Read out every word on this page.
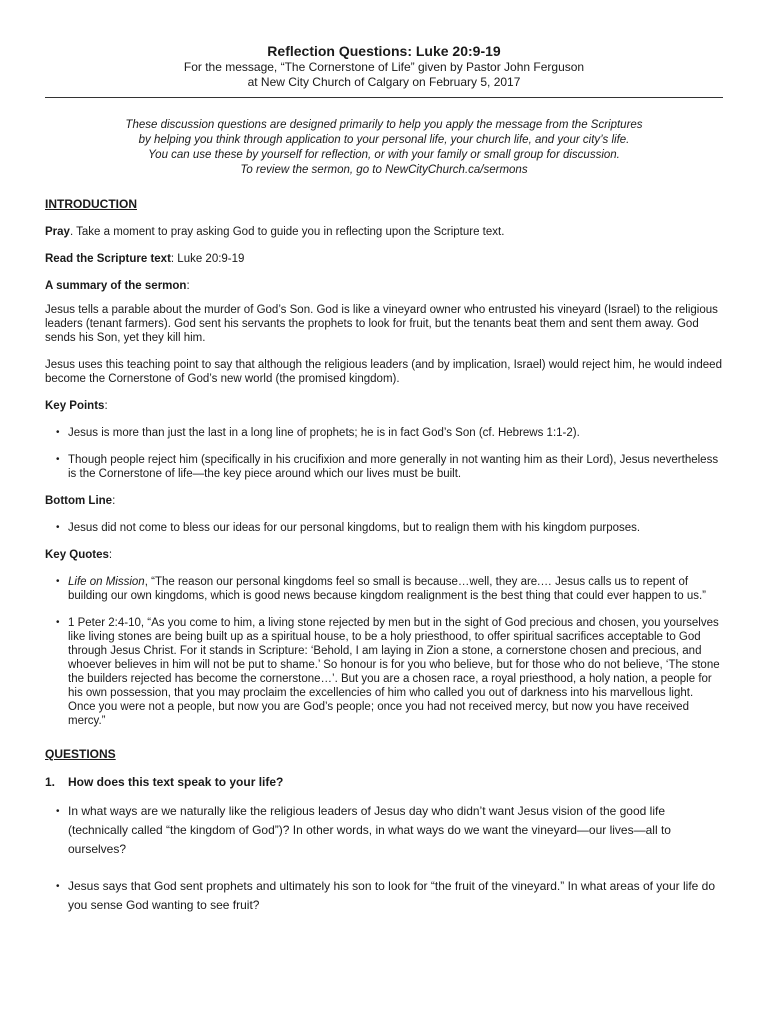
Reflection Questions: Luke 20:9-19

For the message, “The Cornerstone of Life” given by Pastor John Ferguson

at New City Church of Calgary on February 5, 2017

These discussion questions are designed primarily to help you apply the message from the Scriptures
by helping you think through application to your personal life, your church life, and your city’s life.
You can use these by yourself for reflection, or with your family or small group for discussion.
To review the sermon, go to NewCityChurch.ca/sermons
INTRODUCTION

Pray. Take a moment to pray asking God to guide you in reflecting upon the Scripture text.

Read the Scripture text: Luke 20:9-19

A summary of the sermon:

Jesus tells a parable about the murder of God’s Son. God is like a vineyard owner who entrusted his vineyard (Israel) to the religious leaders (tenant farmers). God sent his servants the prophets to look for fruit, but the tenants beat them and sent them away. God sends his Son, yet they kill him.

Jesus uses this teaching point to say that although the religious leaders (and by implication, Israel) would reject him, he would indeed become the Cornerstone of God’s new world (the promised kingdom).

Key Points:

• Jesus is more than just the last in a long line of prophets; he is in fact God’s Son (cf. Hebrews 1:1-2).
• Though people reject him (specifically in his crucifixion and more generally in not wanting him as their Lord), Jesus nevertheless is the Cornerstone of life—the key piece around which our lives must be built.

Bottom Line:

• Jesus did not come to bless our ideas for our personal kingdoms, but to realign them with his kingdom purposes.

Key Quotes:

• Life on Mission, “The reason our personal kingdoms feel so small is because…well, they are.… Jesus calls us to repent of building our own kingdoms, which is good news because kingdom realignment is the best thing that could ever happen to us.”
• 1 Peter 2:4-10, “As you come to him, a living stone rejected by men but in the sight of God precious and chosen, you yourselves like living stones are being built up as a spiritual house, to be a holy priesthood, to offer spiritual sacrifices acceptable to God through Jesus Christ. For it stands in Scripture: ‘Behold, I am laying in Zion a stone, a cornerstone chosen and precious, and whoever believes in him will not be put to shame.’ So honour is for you who believe, but for those who do not believe, ‘The stone the builders rejected has become the cornerstone…’. But you are a chosen race, a royal priesthood, a holy nation, a people for his own possession, that you may proclaim the excellencies of him who called you out of darkness into his marvellous light. Once you were not a people, but now you are God’s people; once you had not received mercy, but now you have received mercy.”
QUESTIONS
1. How does this text speak to your life?
• In what ways are we naturally like the religious leaders of Jesus day who didn’t want Jesus vision of the good life (technically called “the kingdom of God”)? In other words, in what ways do we want the vineyard—our lives—all to ourselves?
• Jesus says that God sent prophets and ultimately his son to look for “the fruit of the vineyard.” In what areas of your life do you sense God wanting to see fruit?
